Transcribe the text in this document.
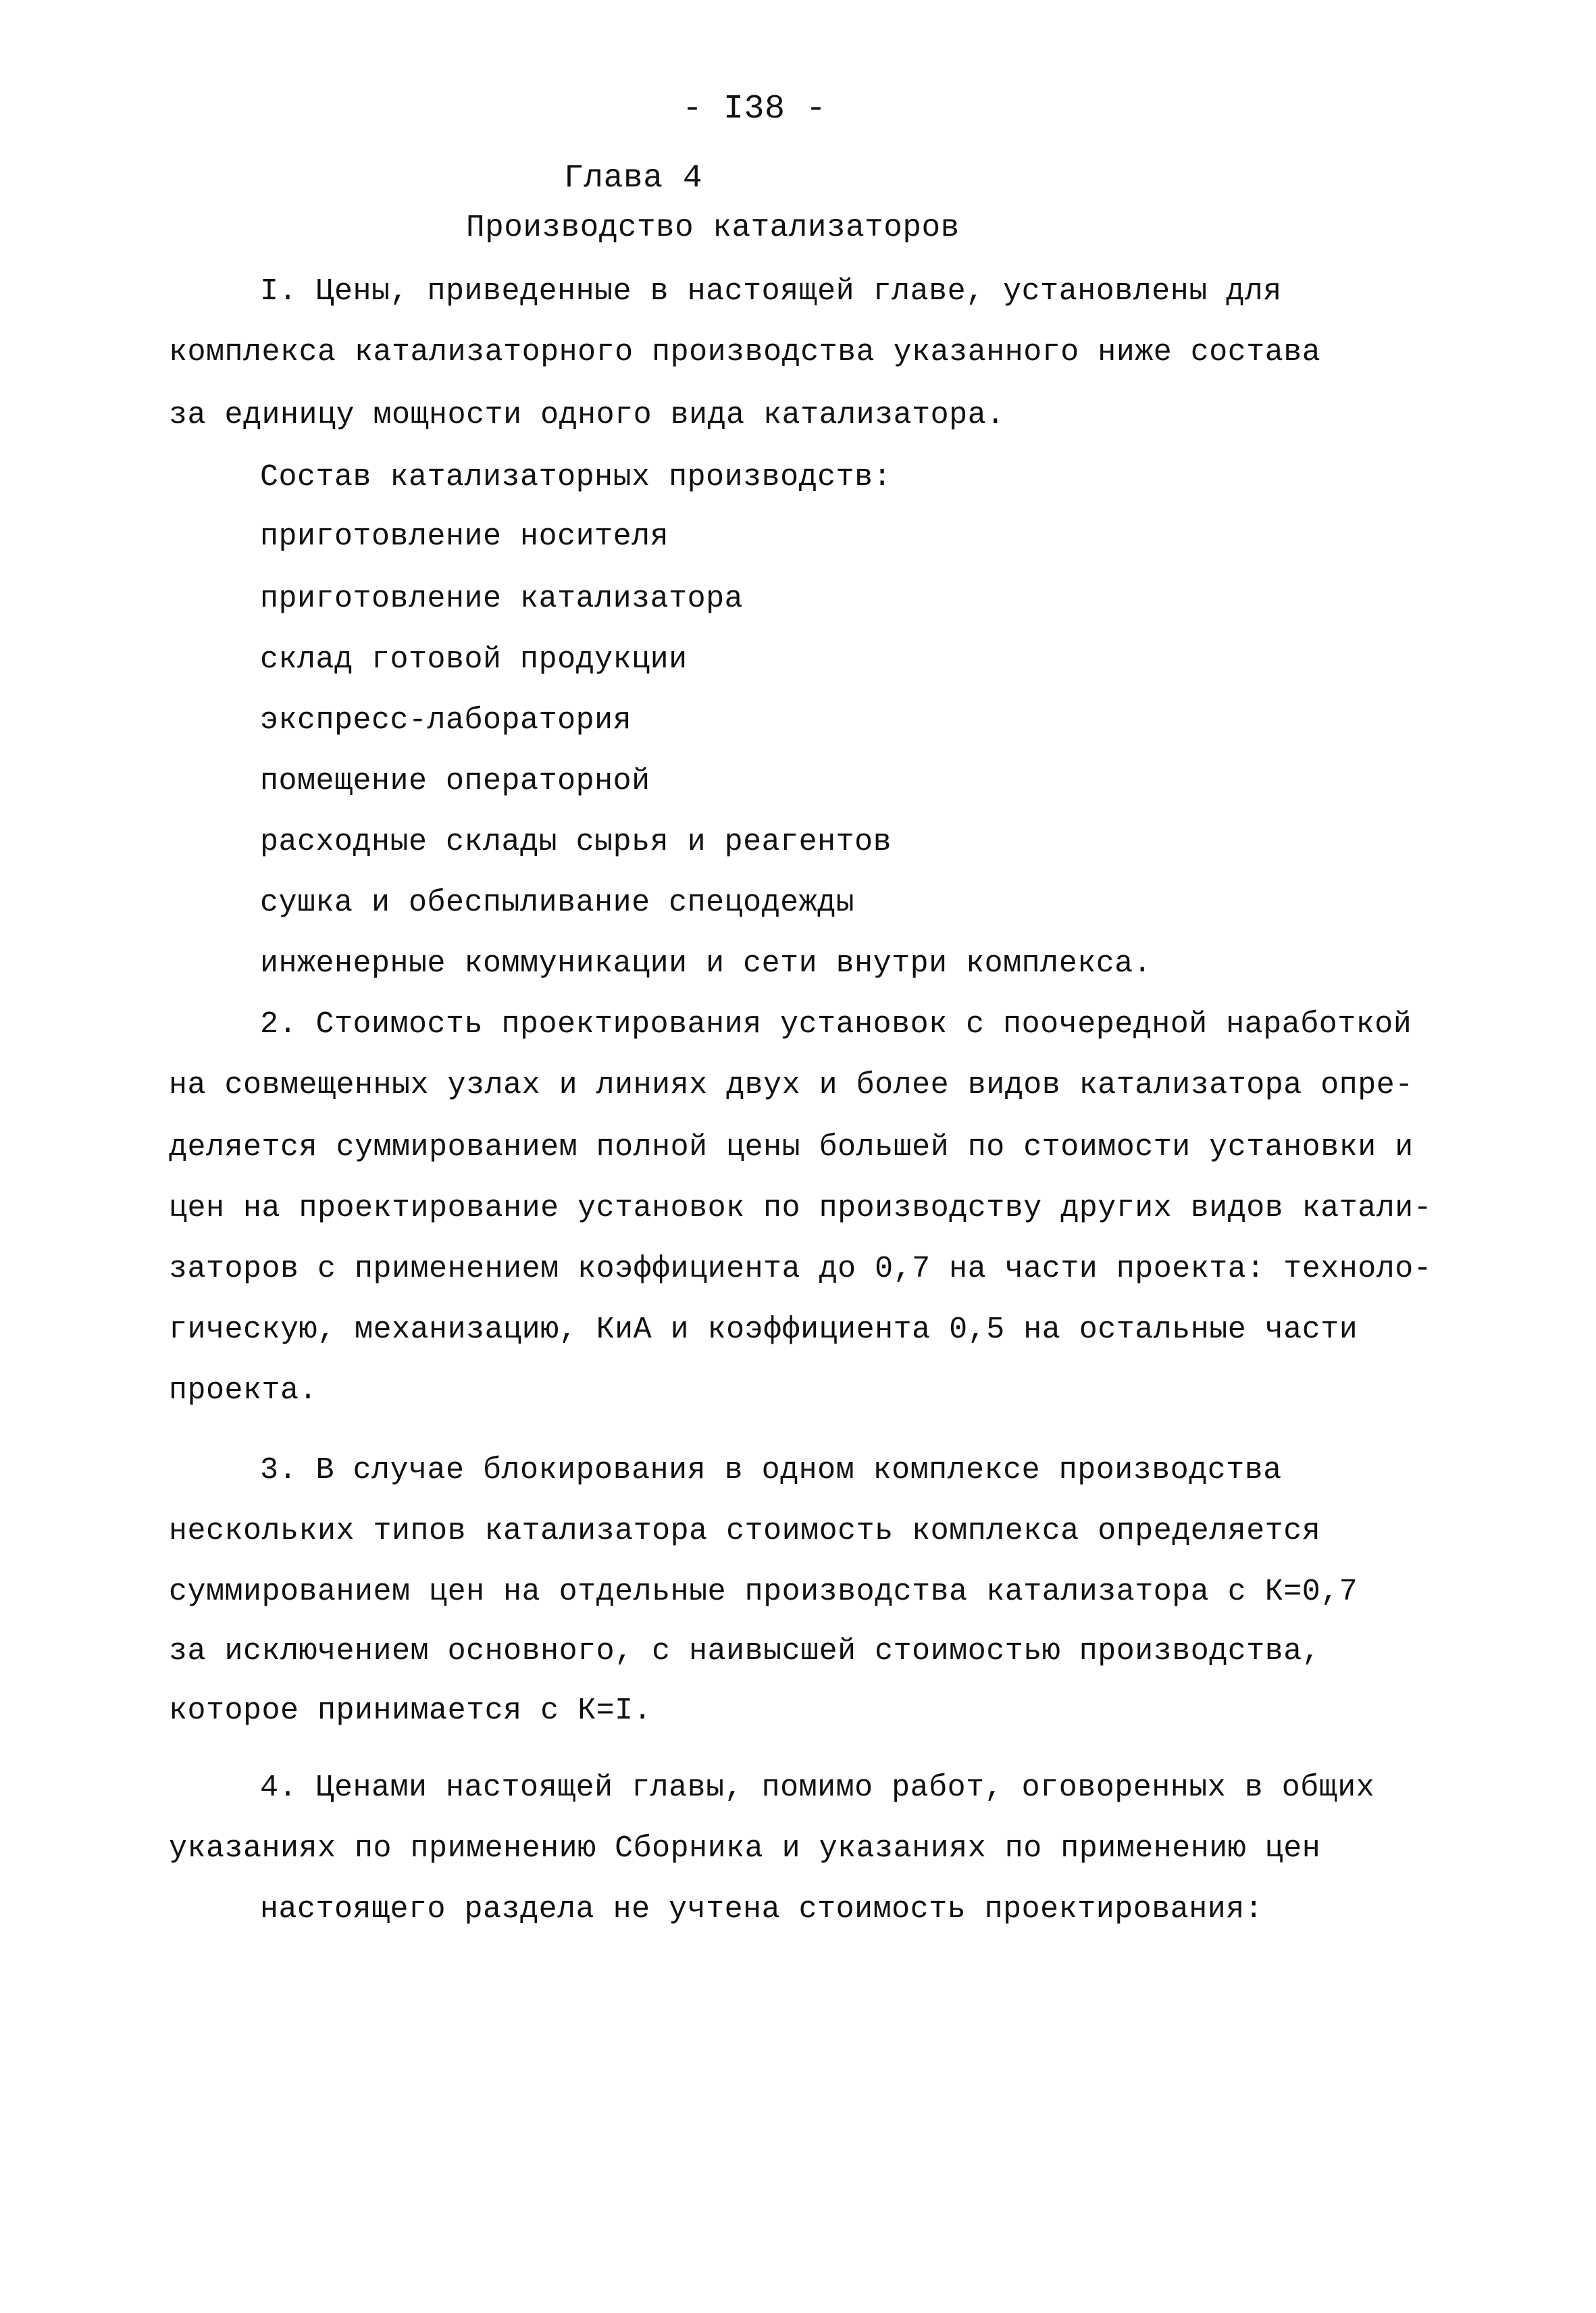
- I38 -
Глава 4
Производство катализаторов
I. Цены, приведенные в настоящей главе, установлены для
комплекса катализаторного производства указанного ниже состава
за единицу мощности одного вида катализатора.
Состав катализаторных производств:
приготовление носителя
приготовление катализатора
склад готовой продукции
экспресс-лаборатория
помещение операторной
расходные склады сырья и реагентов
сушка и обеспыливание спецодежды
инженерные коммуникации и сети внутри комплекса.
2. Стоимость проектирования установок с поочередной наработкой
на совмещенных узлах и линиях двух и более видов катализатора опре-
деляется суммированием полной цены большей по стоимости установки и
цен на проектирование установок по производству других видов катали-
заторов с применением коэффициента до 0,7 на части проекта: техноло-
гическую, механизацию, КиА и коэффициента 0,5 на остальные части
проекта.
3. В случае блокирования в одном комплексе производства
нескольких типов катализатора стоимость комплекса определяется
суммированием цен на отдельные производства катализатора с К=0,7
за исключением основного, с наивысшей стоимостью производства,
которое принимается с К=I.
4. Ценами настоящей главы, помимо работ, оговоренных в общих
указаниях по применению Сборника и указаниях по применению цен
настоящего раздела не учтена стоимость проектирования:
